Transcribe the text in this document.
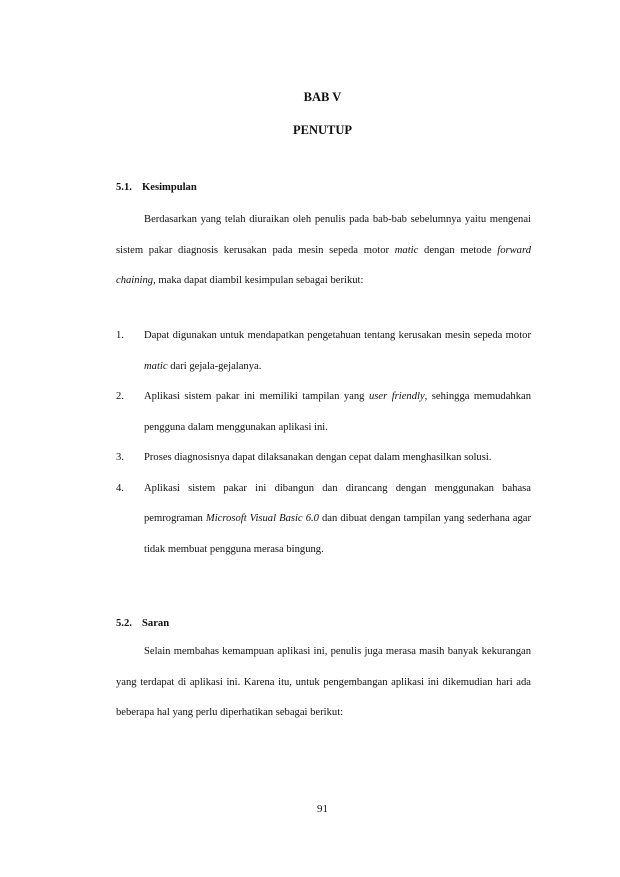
BAB V
PENUTUP
5.1. Kesimpulan

Berdasarkan yang telah diuraikan oleh penulis pada bab-bab sebelumnya yaitu mengenai sistem pakar diagnosis kerusakan pada mesin sepeda motor matic dengan metode forward chaining, maka dapat diambil kesimpulan sebagai berikut:

1. Dapat digunakan untuk mendapatkan pengetahuan tentang kerusakan mesin sepeda motor matic dari gejala-gejalanya.
2. Aplikasi sistem pakar ini memiliki tampilan yang user friendly, sehingga memudahkan pengguna dalam menggunakan aplikasi ini.
3. Proses diagnosisnya dapat dilaksanakan dengan cepat dalam menghasilkan solusi.
4. Aplikasi sistem pakar ini dibangun dan dirancang dengan menggunakan bahasa pemrograman Microsoft Visual Basic 6.0 dan dibuat dengan tampilan yang sederhana agar tidak membuat pengguna merasa bingung.
5.2. Saran

Selain membahas kemampuan aplikasi ini, penulis juga merasa masih banyak kekurangan yang terdapat di aplikasi ini. Karena itu, untuk pengembangan aplikasi ini dikemudian hari ada beberapa hal yang perlu diperhatikan sebagai berikut:

91
